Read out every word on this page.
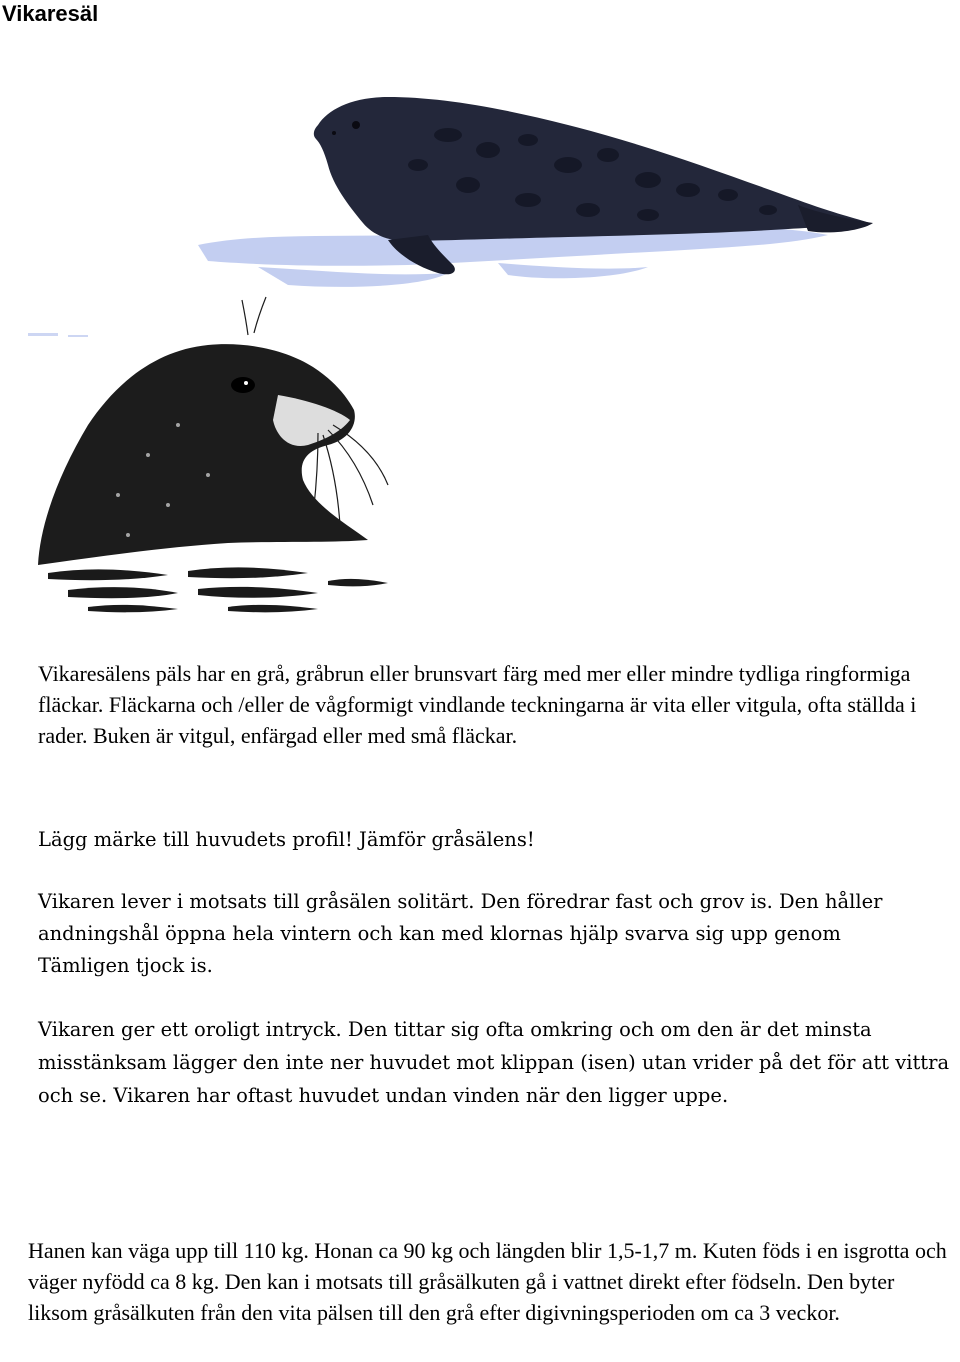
Vikaresäl

Vikaresälens päls har en grå, gråbrun eller brunsvart färg med mer eller mindre tydliga ringformiga fläckar. Fläckarna och /eller de vågformigt vindlande teckningarna är vita eller vitgula, ofta ställda i rader. Buken är vitgul, enfärgad eller med små fläckar.

Lägg märke till huvudets profil! Jämför gråsälens!

Vikaren lever i motsats till gråsälen solitärt. Den föredrar fast och grov is. Den håller andningshål öppna hela vintern och kan med klornas hjälp svarva sig upp genom Tämligen tjock is.

Vikaren ger ett oroligt intryck. Den tittar sig ofta omkring och om den är det minsta misstänksam lägger den inte ner huvudet mot klippan (isen) utan vrider på det för att vittra och se. Vikaren har oftast huvudet undan vinden när den ligger uppe.

Hanen kan väga upp till 110 kg. Honan ca 90 kg och längden blir 1,5-1,7 m. Kuten föds i en isgrotta och väger nyfödd ca 8 kg. Den kan i motsats till gråsälkuten gå i vattnet direkt efter födseln. Den byter liksom gråsälkuten från den vita pälsen till den grå efter digivningsperioden om ca 3 veckor.
